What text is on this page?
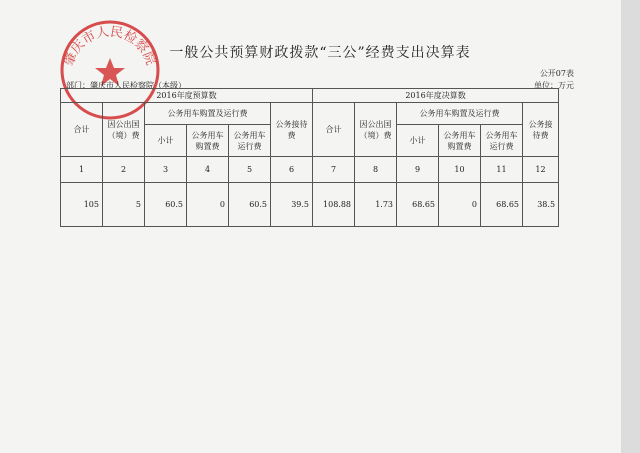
肇庆市人民检察院 一般公共预算财政拨款“三公”经费支出决算表
公开07表
单位：万元
部门：肇庆市人民检察院（本级）
2016年度预算数						2016年度决算数					
合计	因公出国（境）费	公务用车购置及运行费			公务接待费	合计	因公出国（境）费	公务用车购置及运行费			公务接待费
		小计	公务用车购置费	公务用车运行费				小计	公务用车购置费	公务用车运行费	
1	2	3	4	5	6	7	8	9	10	11	12
105	5	60.5	0	60.5	39.5	108.88	1.73	68.65	0	68.65	38.5
